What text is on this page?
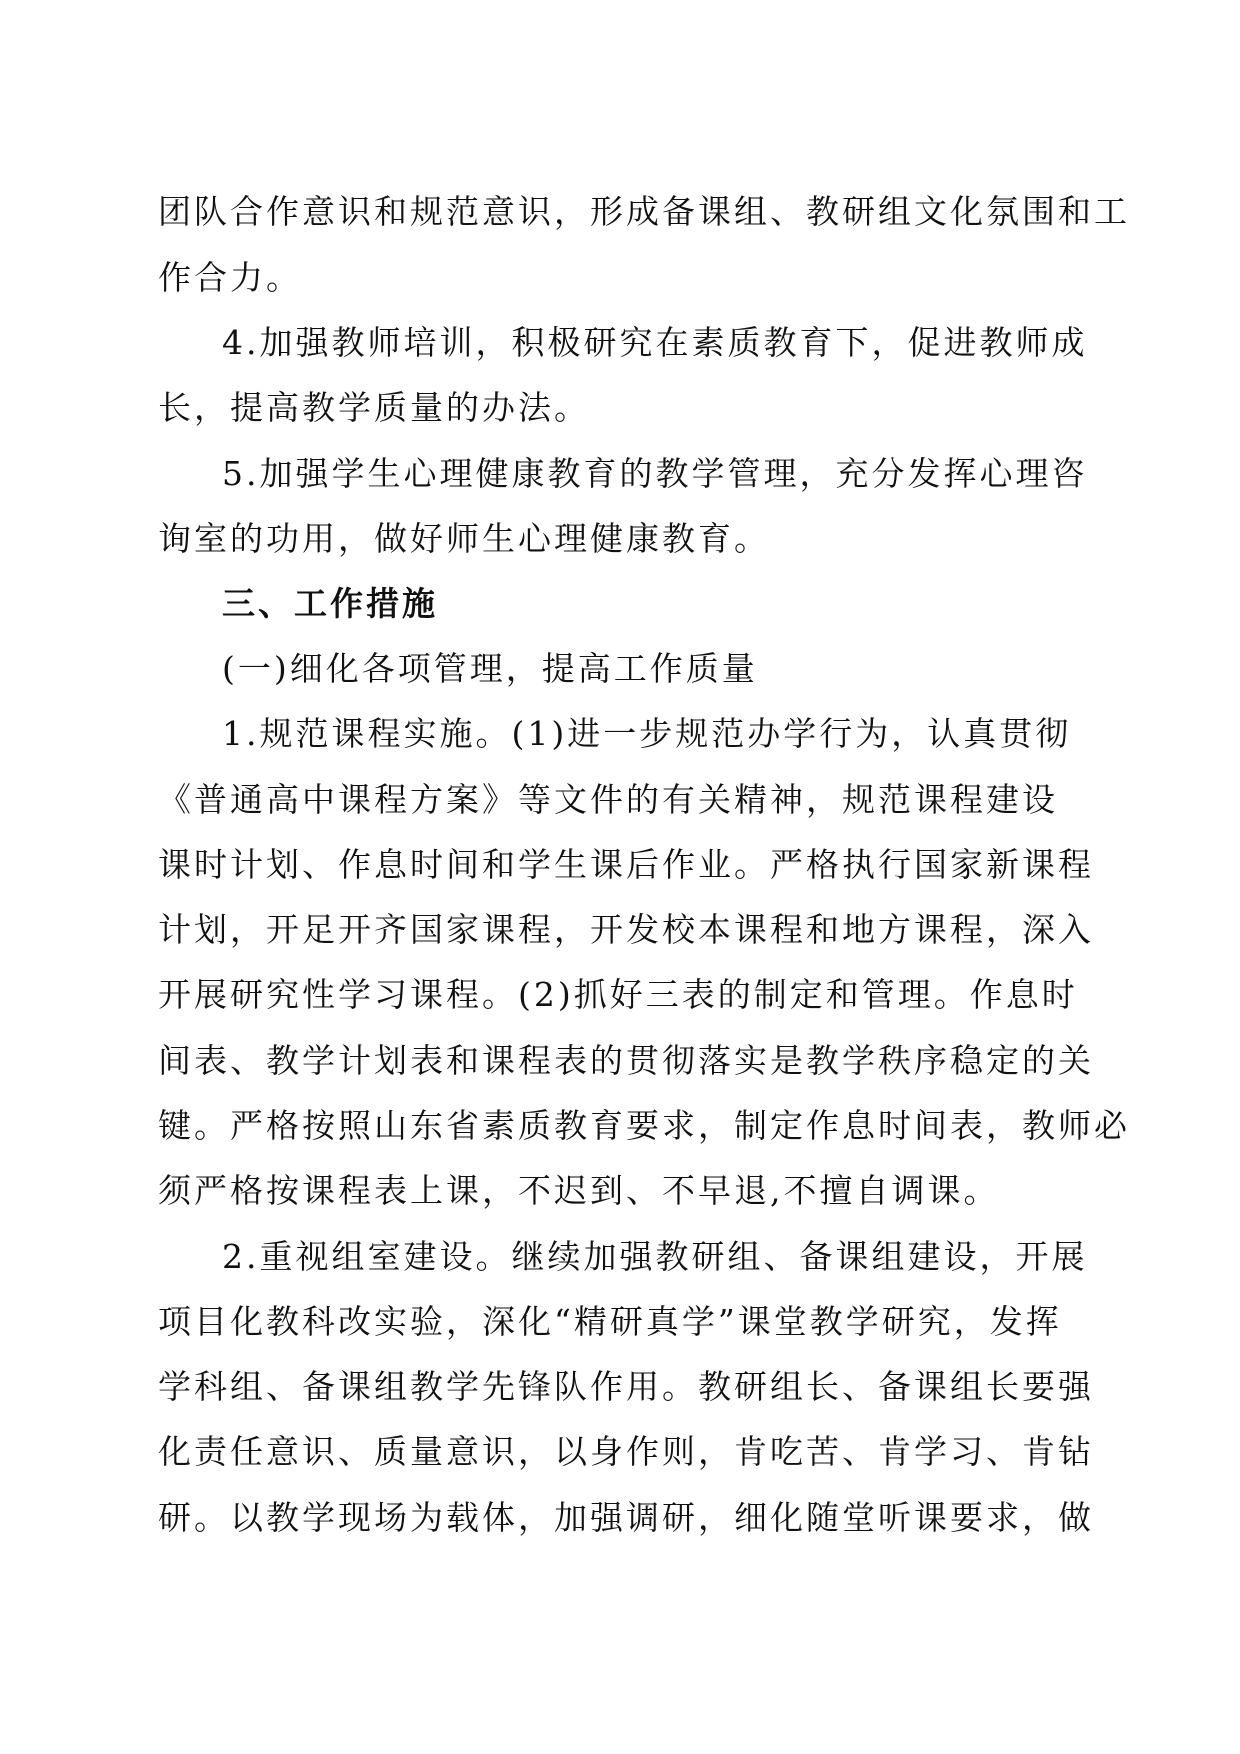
团队合作意识和规范意识，形成备课组、教研组文化氛围和工
作合力。
4.加强教师培训，积极研究在素质教育下，促进教师成
长，提高教学质量的办法。
5.加强学生心理健康教育的教学管理，充分发挥心理咨
询室的功用，做好师生心理健康教育。
三、工作措施
(一)细化各项管理，提高工作质量
1.规范课程实施。(1)进一步规范办学行为，认真贯彻
《普通高中课程方案》等文件的有关精神，规范课程建设
课时计划、作息时间和学生课后作业。严格执行国家新课程
计划，开足开齐国家课程，开发校本课程和地方课程，深入
开展研究性学习课程。(2)抓好三表的制定和管理。作息时
间表、教学计划表和课程表的贯彻落实是教学秩序稳定的关
键。严格按照山东省素质教育要求，制定作息时间表，教师必
须严格按课程表上课，不迟到、不早退,不擅自调课。
2.重视组室建设。继续加强教研组、备课组建设，开展
项目化教科改实验，深化“精研真学”课堂教学研究，发挥
学科组、备课组教学先锋队作用。教研组长、备课组长要强
化责任意识、质量意识，以身作则，肯吃苦、肯学习、肯钻
研。以教学现场为载体，加强调研，细化随堂听课要求，做
